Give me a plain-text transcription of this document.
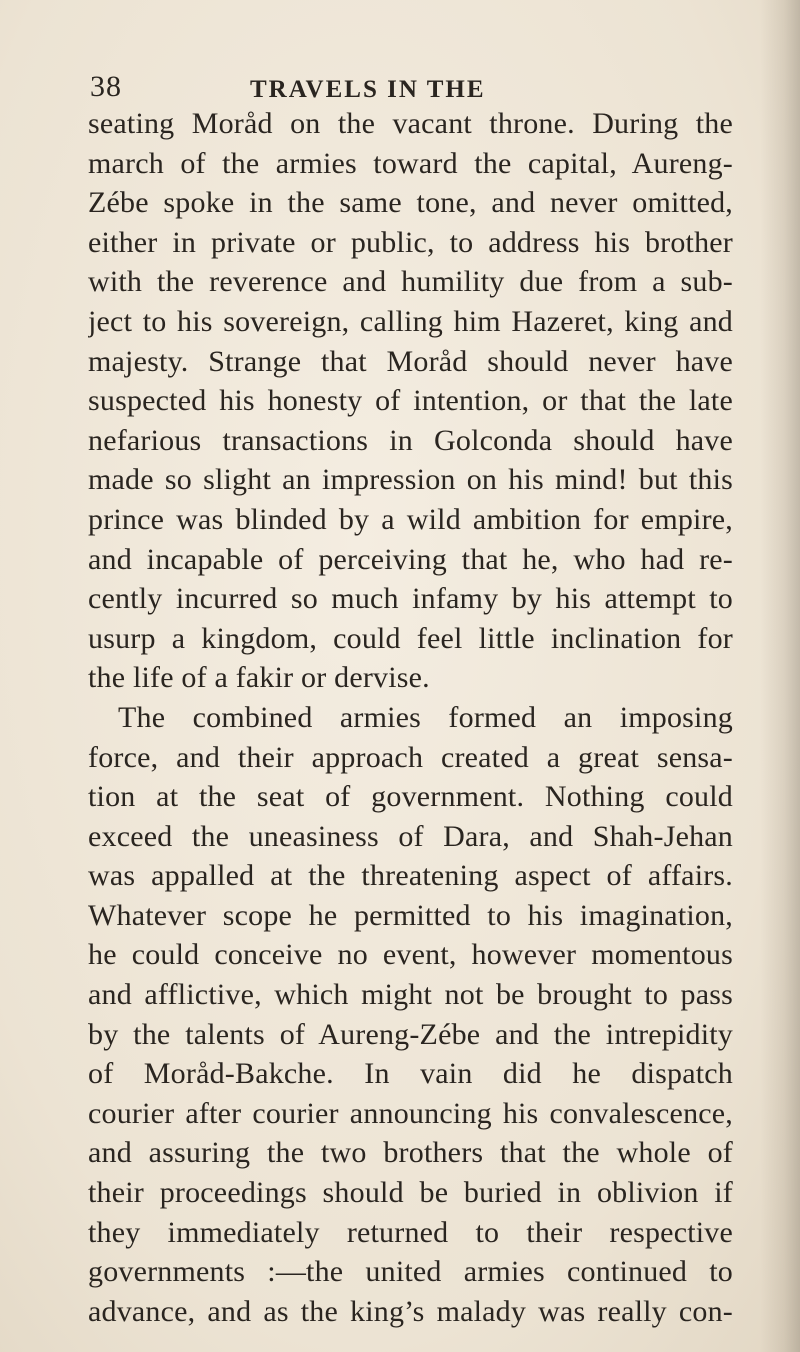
38	TRAVELS IN THE
seating Moråd on the vacant throne. During the
march of the armies toward the capital, Aureng-
Zébe spoke in the same tone, and never omitted,
either in private or public, to address his brother
with the reverence and humility due from a sub-
ject to his sovereign, calling him Hazeret, king and
majesty. Strange that Moråd should never have
suspected his honesty of intention, or that the late
nefarious transactions in Golconda should have
made so slight an impression on his mind! but this
prince was blinded by a wild ambition for empire,
and incapable of perceiving that he, who had re-
cently incurred so much infamy by his attempt to
usurp a kingdom, could feel little inclination for
the life of a fakir or dervise.
The combined armies formed an imposing
force, and their approach created a great sensa-
tion at the seat of government. Nothing could
exceed the uneasiness of Dara, and Shah-Jehan
was appalled at the threatening aspect of affairs.
Whatever scope he permitted to his imagination,
he could conceive no event, however momentous
and afflictive, which might not be brought to pass
by the talents of Aureng-Zébe and the intrepidity
of Moråd-Bakche. In vain did he dispatch
courier after courier announcing his convalescence,
and assuring the two brothers that the whole of
their proceedings should be buried in oblivion if
they immediately returned to their respective
governments :—the united armies continued to
advance, and as the king’s malady was really con-
